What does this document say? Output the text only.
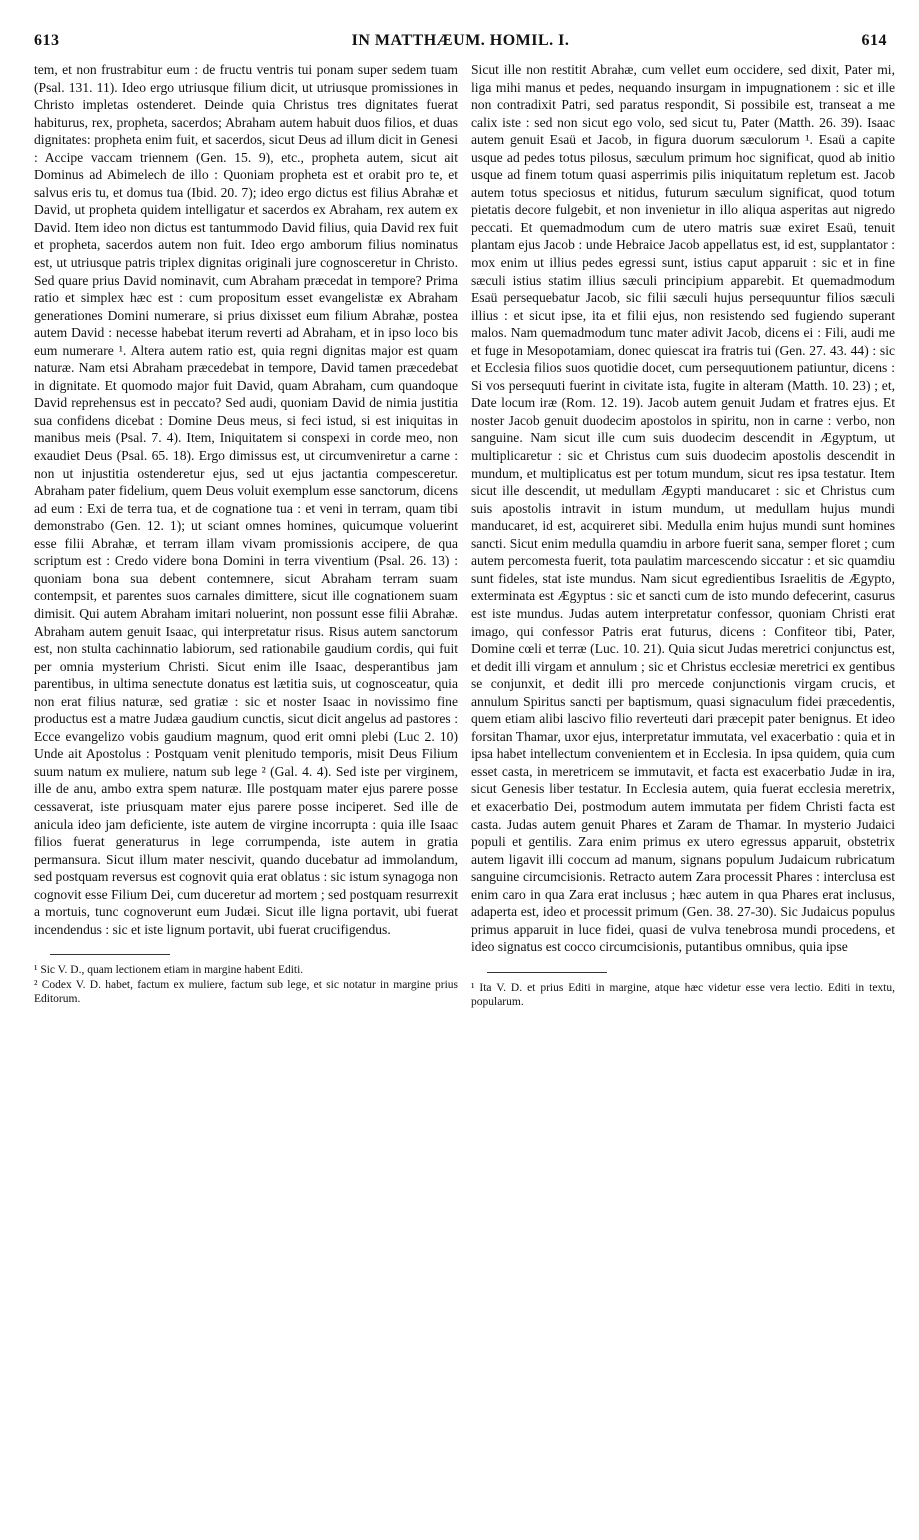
613	IN MATTHÆUM. HOMIL. I.	614

tem, et non frustrabitur eum : de fructu ventris tui ponam super sedem tuam (Psal. 131. 11). Ideo ergo utriusque filium dicit, ut utriusque promissiones in Christo impletas ostenderet. Deinde quia Christus tres dignitates fuerat habiturus, rex, propheta, sacerdos; Abraham autem habuit duos filios, et duas dignitates: propheta enim fuit, et sacerdos, sicut Deus ad illum dicit in Genesi : Accipe vaccam triennem (Gen. 15. 9), etc., propheta autem, sicut ait Dominus ad Abimelech de illo : Quoniam propheta est et orabit pro te, et salvus eris tu, et domus tua (Ibid. 20. 7); ideo ergo dictus est filius Abrahæ et David, ut propheta quidem intelligatur et sacerdos ex Abraham, rex autem ex David. Item ideo non dictus est tantummodo David filius, quia David rex fuit et propheta, sacerdos autem non fuit. Ideo ergo amborum filius nominatus est, ut utriusque patris triplex dignitas originali jure cognosceretur in Christo. Sed quare prius David nominavit, cum Abraham præcedat in tempore? Prima ratio et simplex hæc est : cum propositum esset evangelistæ ex Abraham generationes Domini numerare, si prius dixisset eum filium Abrahæ, postea autem David : necesse habebat iterum reverti ad Abraham, et in ipso loco bis eum numerare ¹. Altera autem ratio est, quia regni dignitas major est quam naturæ. Nam etsi Abraham præcedebat in tempore, David tamen præcedebat in dignitate. Et quomodo major fuit David, quam Abraham, cum quandoque David reprehensus est in peccato? Sed audi, quoniam David de nimia justitia sua confidens dicebat : Domine Deus meus, si feci istud, si est iniquitas in manibus meis (Psal. 7. 4). Item, Iniquitatem si conspexi in corde meo, non exaudiet Deus (Psal. 65. 18). Ergo dimissus est, ut circumveniretur a carne : non ut injustitia ostenderetur ejus, sed ut ejus jactantia compesceretur. Abraham pater fidelium, quem Deus voluit exemplum esse sanctorum, dicens ad eum : Exi de terra tua, et de cognatione tua : et veni in terram, quam tibi demonstrabo (Gen. 12. 1); ut sciant omnes homines, quicumque voluerint esse filii Abrahæ, et terram illam vivam promissionis accipere, de qua scriptum est : Credo videre bona Domini in terra viventium (Psal. 26. 13) : quoniam bona sua debent contemnere, sicut Abraham terram suam contempsit, et parentes suos carnales dimittere, sicut ille cognationem suam dimisit. Qui autem Abraham imitari noluerint, non possunt esse filii Abrahæ. Abraham autem genuit Isaac, qui interpretatur risus. Risus autem sanctorum est, non stulta cachinnatio labiorum, sed rationabile gaudium cordis, qui fuit per omnia mysterium Christi. Sicut enim ille Isaac, desperantibus jam parentibus, in ultima senectute donatus est lætitia suis, ut cognosceatur, quia non erat filius naturæ, sed gratiæ : sic et noster Isaac in novissimo fine productus est a matre Judæa gaudium cunctis, sicut dicit angelus ad pastores : Ecce evangelizo vobis gaudium magnum, quod erit omni plebi (Luc 2. 10) Unde ait Apostolus : Postquam venit plenitudo temporis, misit Deus Filium suum natum ex muliere, natum sub lege ² (Gal. 4. 4). Sed iste per virginem, ille de anu, ambo extra spem naturæ. Ille postquam mater ejus parere posse cessaverat, iste priusquam mater ejus parere posse inciperet. Sed ille de anicula ideo jam deficiente, iste autem de virgine incorrupta : quia ille Isaac filios fuerat generaturus in lege corrumpenda, iste autem in gratia permansura. Sicut illum mater nescivit, quando ducebatur ad immolandum, sed postquam reversus est cognovit quia erat oblatus : sic istum synagoga non cognovit esse Filium Dei, cum duceretur ad mortem ; sed postquam resurrexit a mortuis, tunc cognoverunt eum Judæi. Sicut ille ligna portavit, ubi fuerat incendendus : sic et iste lignum portavit, ubi fuerat crucifigendus.

¹ Sic V. D., quam lectionem etiam in margine habent Editi.

² Codex V. D. habet, factum ex muliere, factum sub lege, et sic notatur in margine prius Editorum.

Sicut ille non restitit Abrahæ, cum vellet eum occidere, sed dixit, Pater mi, liga mihi manus et pedes, nequando insurgam in impugnationem : sic et ille non contradixit Patri, sed paratus respondit, Si possibile est, transeat a me calix iste : sed non sicut ego volo, sed sicut tu, Pater (Matth. 26. 39). Isaac autem genuit Esaü et Jacob, in figura duorum sæculorum ¹. Esaü a capite usque ad pedes totus pilosus, sæculum primum hoc significat, quod ab initio usque ad finem totum quasi asperrimis pilis iniquitatum repletum est. Jacob autem totus speciosus et nitidus, futurum sæculum significat, quod totum pietatis decore fulgebit, et non invenietur in illo aliqua asperitas aut nigredo peccati. Et quemadmodum cum de utero matris suæ exiret Esaü, tenuit plantam ejus Jacob : unde Hebraice Jacob appellatus est, id est, supplantator : mox enim ut illius pedes egressi sunt, istius caput apparuit : sic et in fine sæculi istius statim illius sæculi principium apparebit. Et quemadmodum Esaü persequebatur Jacob, sic filii sæculi hujus persequuntur filios sæculi illius : et sicut ipse, ita et filii ejus, non resistendo sed fugiendo superant malos. Nam quemadmodum tunc mater adivit Jacob, dicens ei : Fili, audi me et fuge in Mesopotamiam, donec quiescat ira fratris tui (Gen. 27. 43. 44) : sic et Ecclesia filios suos quotidie docet, cum persequutionem patiuntur, dicens : Si vos persequuti fuerint in civitate ista, fugite in alteram (Matth. 10. 23) ; et, Date locum iræ (Rom. 12. 19). Jacob autem genuit Judam et fratres ejus. Et noster Jacob genuit duodecim apostolos in spiritu, non in carne : verbo, non sanguine. Nam sicut ille cum suis duodecim descendit in Ægyptum, ut multiplicaretur : sic et Christus cum suis duodecim apostolis descendit in mundum, et multiplicatus est per totum mundum, sicut res ipsa testatur. Item sicut ille descendit, ut medullam Ægypti manducaret : sic et Christus cum suis apostolis intravit in istum mundum, ut medullam hujus mundi manducaret, id est, acquireret sibi. Medulla enim hujus mundi sunt homines sancti. Sicut enim medulla quamdiu in arbore fuerit sana, semper floret ; cum autem percomesta fuerit, tota paulatim marcescendo siccatur : et sic quamdiu sunt fideles, stat iste mundus. Nam sicut egredientibus Israelitis de Ægypto, exterminata est Ægyptus : sic et sancti cum de isto mundo defecerint, casurus est iste mundus. Judas autem interpretatur confessor, quoniam Christi erat imago, qui confessor Patris erat futurus, dicens : Confiteor tibi, Pater, Domine cœli et terræ (Luc. 10. 21). Quia sicut Judas meretrici conjunctus est, et dedit illi virgam et annulum ; sic et Christus ecclesiæ meretrici ex gentibus se conjunxit, et dedit illi pro mercede conjunctionis virgam crucis, et annulum Spiritus sancti per baptismum, quasi signaculum fidei præcedentis, quem etiam alibi lascivo filio reverteuti dari præcepit pater benignus. Et ideo forsitan Thamar, uxor ejus, interpretatur immutata, vel exacerbatio : quia et in ipsa habet intellectum convenientem et in Ecclesia. In ipsa quidem, quia cum esset casta, in meretricem se immutavit, et facta est exacerbatio Judæ in ira, sicut Genesis liber testatur. In Ecclesia autem, quia fuerat ecclesia meretrix, et exacerbatio Dei, postmodum autem immutata per fidem Christi facta est casta. Judas autem genuit Phares et Zaram de Thamar. In mysterio Judaici populi et gentilis. Zara enim primus ex utero egressus apparuit, obstetrix autem ligavit illi coccum ad manum, signans populum Judaicum rubricatum sanguine circumcisionis. Retracto autem Zara processit Phares : interclusa est enim caro in qua Zara erat inclusus ; hæc autem in qua Phares erat inclusus, adaperta est, ideo et processit primum (Gen. 38. 27-30). Sic Judaicus populus primus apparuit in luce fidei, quasi de vulva tenebrosa mundi procedens, et ideo signatus est cocco circumcisionis, putantibus omnibus, quia ipse

¹ Ita V. D. et prius Editi in margine, atque hæc videtur esse vera lectio. Editi in textu, popularum.
